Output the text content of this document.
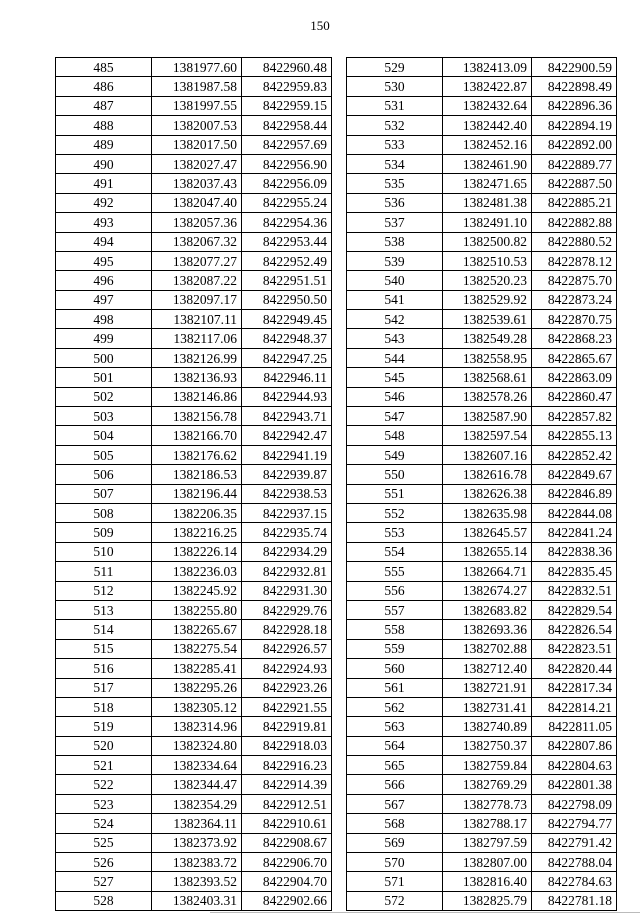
150
485	1381977.60	8422960.48
486	1381987.58	8422959.83
487	1381997.55	8422959.15
488	1382007.53	8422958.44
489	1382017.50	8422957.69
490	1382027.47	8422956.90
491	1382037.43	8422956.09
492	1382047.40	8422955.24
493	1382057.36	8422954.36
494	1382067.32	8422953.44
495	1382077.27	8422952.49
496	1382087.22	8422951.51
497	1382097.17	8422950.50
498	1382107.11	8422949.45
499	1382117.06	8422948.37
500	1382126.99	8422947.25
501	1382136.93	8422946.11
502	1382146.86	8422944.93
503	1382156.78	8422943.71
504	1382166.70	8422942.47
505	1382176.62	8422941.19
506	1382186.53	8422939.87
507	1382196.44	8422938.53
508	1382206.35	8422937.15
509	1382216.25	8422935.74
510	1382226.14	8422934.29
511	1382236.03	8422932.81
512	1382245.92	8422931.30
513	1382255.80	8422929.76
514	1382265.67	8422928.18
515	1382275.54	8422926.57
516	1382285.41	8422924.93
517	1382295.26	8422923.26
518	1382305.12	8422921.55
519	1382314.96	8422919.81
520	1382324.80	8422918.03
521	1382334.64	8422916.23
522	1382344.47	8422914.39
523	1382354.29	8422912.51
524	1382364.11	8422910.61
525	1382373.92	8422908.67
526	1382383.72	8422906.70
527	1382393.52	8422904.70
528	1382403.31	8422902.66
529	1382413.09	8422900.59
530	1382422.87	8422898.49
531	1382432.64	8422896.36
532	1382442.40	8422894.19
533	1382452.16	8422892.00
534	1382461.90	8422889.77
535	1382471.65	8422887.50
536	1382481.38	8422885.21
537	1382491.10	8422882.88
538	1382500.82	8422880.52
539	1382510.53	8422878.12
540	1382520.23	8422875.70
541	1382529.92	8422873.24
542	1382539.61	8422870.75
543	1382549.28	8422868.23
544	1382558.95	8422865.67
545	1382568.61	8422863.09
546	1382578.26	8422860.47
547	1382587.90	8422857.82
548	1382597.54	8422855.13
549	1382607.16	8422852.42
550	1382616.78	8422849.67
551	1382626.38	8422846.89
552	1382635.98	8422844.08
553	1382645.57	8422841.24
554	1382655.14	8422838.36
555	1382664.71	8422835.45
556	1382674.27	8422832.51
557	1382683.82	8422829.54
558	1382693.36	8422826.54
559	1382702.88	8422823.51
560	1382712.40	8422820.44
561	1382721.91	8422817.34
562	1382731.41	8422814.21
563	1382740.89	8422811.05
564	1382750.37	8422807.86
565	1382759.84	8422804.63
566	1382769.29	8422801.38
567	1382778.73	8422798.09
568	1382788.17	8422794.77
569	1382797.59	8422791.42
570	1382807.00	8422788.04
571	1382816.40	8422784.63
572	1382825.79	8422781.18
